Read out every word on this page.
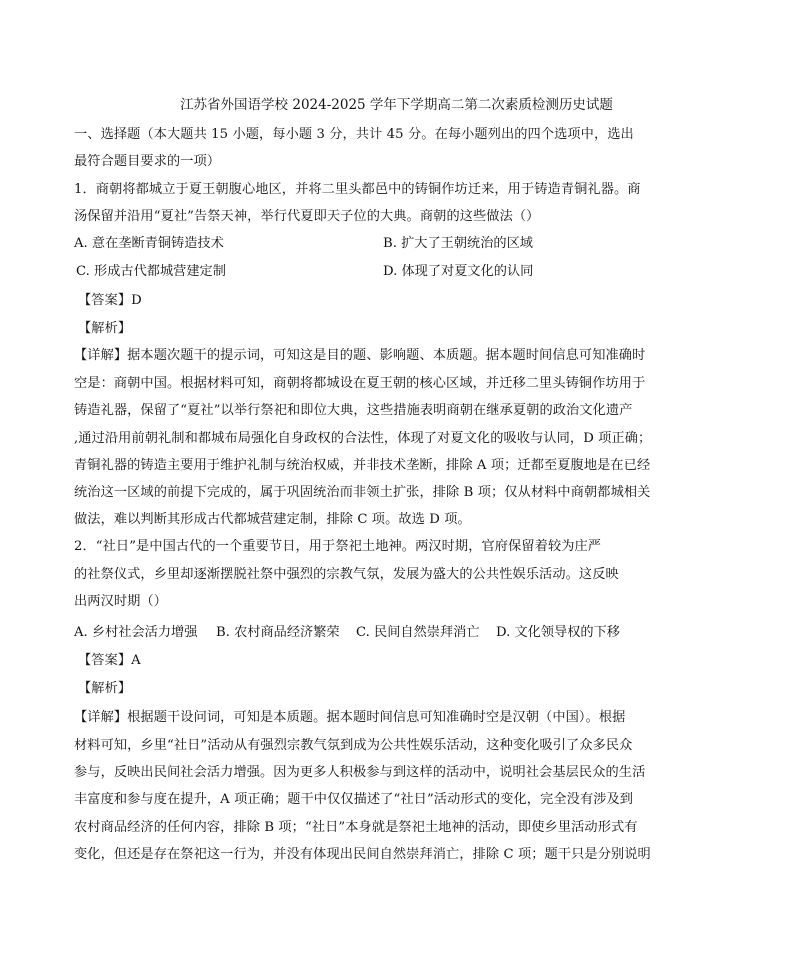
江苏省外国语学校 2024-2025 学年下学期高二第二次素质检测历史试题
一、选择题（本大题共 15 小题，每小题 3 分，共计 45 分。在每小题列出的四个选项中，选出
最符合题目要求的一项）
1．商朝将都城立于夏王朝腹心地区，并将二里头都邑中的铸铜作坊迁来，用于铸造青铜礼器。商
汤保留并沿用“夏社”告祭天神，举行代夏即天子位的大典。商朝的这些做法（）
A. 意在垄断青铜铸造技术	B. 扩大了王朝统治的区域
C. 形成古代都城营建定制	D. 体现了对夏文化的认同
【答案】D
【解析】
【详解】据本题次题干的提示词，可知这是目的题、影响题、本质题。据本题时间信息可知准确时
空是：商朝中国。根据材料可知，商朝将都城设在夏王朝的核心区域，并迁移二里头铸铜作坊用于
铸造礼器，保留了“夏社”以举行祭祀和即位大典，这些措施表明商朝在继承夏朝的政治文化遗产
,通过沿用前朝礼制和都城布局强化自身政权的合法性，体现了对夏文化的吸收与认同，D 项正确；
青铜礼器的铸造主要用于维护礼制与统治权威，并非技术垄断，排除 A 项；迁都至夏腹地是在已经
统治这一区域的前提下完成的，属于巩固统治而非领土扩张，排除 B 项；仅从材料中商朝都城相关
做法，难以判断其形成古代都城营建定制，排除 C 项。故选 D 项。
2．“社日”是中国古代的一个重要节日，用于祭祀土地神。两汉时期，官府保留着较为庄严
的社祭仪式，乡里却逐渐摆脱社祭中强烈的宗教气氛，发展为盛大的公共性娱乐活动。这反映
出两汉时期（）
A. 乡村社会活力增强 B. 农村商品经济繁荣 C. 民间自然崇拜消亡 D. 文化领导权的下移
【答案】A
【解析】
【详解】根据题干设问词，可知是本质题。据本题时间信息可知准确时空是汉朝（中国）。根据
材料可知，乡里“社日”活动从有强烈宗教气氛到成为公共性娱乐活动，这种变化吸引了众多民众
参与，反映出民间社会活力增强。因为更多人积极参与到这样的活动中，说明社会基层民众的生活
丰富度和参与度在提升，A 项正确；题干中仅仅描述了“社日”活动形式的变化，完全没有涉及到
农村商品经济的任何内容，排除 B 项；“社日”本身就是祭祀土地神的活动，即使乡里活动形式有
变化，但还是存在祭祀这一行为，并没有体现出民间自然崇拜消亡，排除 C 项；题干只是分别说明
